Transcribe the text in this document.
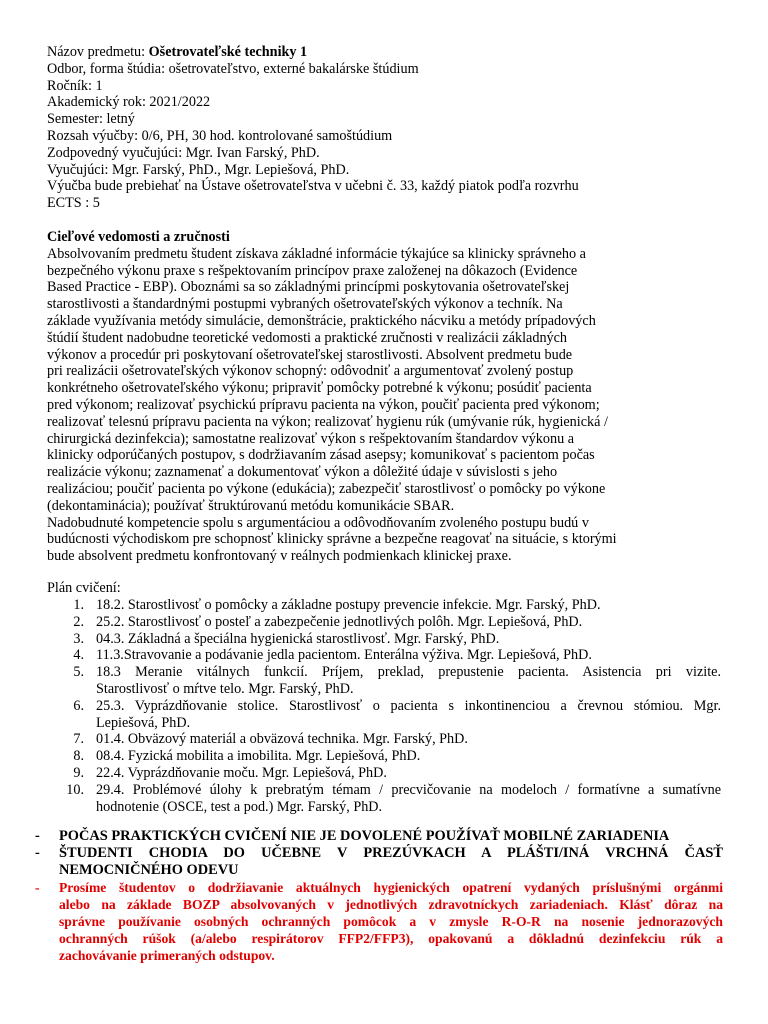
Názov predmetu: Ošetrovateľské techniky 1
Odbor, forma štúdia: ošetrovateľstvo, externé bakalárske štúdium
Ročník: 1
Akademický rok: 2021/2022
Semester: letný
Rozsah výučby: 0/6, PH, 30 hod. kontrolované samoštúdium
Zodpovedný vyučujúci: Mgr. Ivan Farský, PhD.
Vyučujúci: Mgr. Farský, PhD., Mgr. Lepiešová, PhD.
Výučba bude prebiehať na Ústave ošetrovateľstva v učebni č. 33, každý piatok podľa rozvrhu
ECTS : 5
Cieľové vedomosti a zručnosti
Absolvovaním predmetu študent získava základné informácie týkajúce sa klinicky správneho a
bezpečného výkonu praxe s rešpektovaním princípov praxe založenej na dôkazoch (Evidence
Based Practice - EBP). Oboznámi sa so základnými princípmi poskytovania ošetrovateľskej
starostlivosti a štandardnými postupmi vybraných ošetrovateľských výkonov a techník. Na
základe využívania metódy simulácie, demonštrácie, praktického nácviku a metódy prípadových
štúdií študent nadobudne teoretické vedomosti a praktické zručnosti v realizácii základných
výkonov a procedúr pri poskytovaní ošetrovateľskej starostlivosti. Absolvent predmetu bude
pri realizácii ošetrovateľských výkonov schopný: odôvodniť a argumentovať zvolený postup
konkrétneho ošetrovateľského výkonu; pripraviť pomôcky potrebné k výkonu; posúdiť pacienta
pred výkonom; realizovať psychickú prípravu pacienta na výkon, poučiť pacienta pred výkonom;
realizovať telesnú prípravu pacienta na výkon; realizovať hygienu rúk (umývanie rúk, hygienická /
chirurgická dezinfekcia); samostatne realizovať výkon s rešpektovaním štandardov výkonu a
klinicky odporúčaných postupov, s dodržiavaním zásad asepsy; komunikovať s pacientom počas
realizácie výkonu; zaznamenať a dokumentovať výkon a dôležité údaje v súvislosti s jeho
realizáciou; poučiť pacienta po výkone (edukácia); zabezpečiť starostlivosť o pomôcky po výkone
(dekontaminácia); používať štruktúrovanú metódu komunikácie SBAR.
Nadobudnuté kompetencie spolu s argumentáciou a odôvodňovaním zvoleného postupu budú v
budúcnosti východiskom pre schopnosť klinicky správne a bezpečne reagovať na situácie, s ktorými
bude absolvent predmetu konfrontovaný v reálnych podmienkach klinickej praxe.
Plán cvičení:
1. 18.2. Starostlivosť o pomôcky a základne postupy prevencie infekcie. Mgr. Farský, PhD.
2. 25.2. Starostlivosť o posteľ a zabezpečenie jednotlivých polôh. Mgr. Lepiešová, PhD.
3. 04.3. Základná a špeciálna hygienická starostlivosť. Mgr. Farský, PhD.
4. 11.3.Stravovanie a podávanie jedla pacientom. Enterálna výživa. Mgr. Lepiešová, PhD.
5. 18.3 Meranie vitálnych funkcií. Príjem, preklad, prepustenie pacienta. Asistencia pri vizite.
Starostlivosť o mŕtve telo. Mgr. Farský, PhD.
6. 25.3. Vyprázdňovanie stolice. Starostlivosť o pacienta s inkontinenciou a črevnou stómiou. Mgr.
Lepiešová, PhD.
7. 01.4. Obväzový materiál a obväzová technika. Mgr. Farský, PhD.
8. 08.4. Fyzická mobilita a imobilita. Mgr. Lepiešová, PhD.
9. 22.4. Vyprázdňovanie moču. Mgr. Lepiešová, PhD.
10. 29.4. Problémové úlohy k prebratým témam / precvičovanie na modeloch / formatívne a sumatívne
hodnotenie (OSCE, test a pod.) Mgr. Farský, PhD.
- POČAS PRAKTICKÝCH CVIČENÍ NIE JE DOVOLENÉ POUŽÍVAŤ MOBILNÉ ZARIADENIA
- ŠTUDENTI CHODIA DO UČEBNE V PREZÚVKACH A PLÁŠTI/INÁ VRCHNÁ ČASŤ
NEMOCNIČNÉHO ODEVU
- Prosíme študentov o dodržiavanie aktuálnych hygienických opatrení vydaných príslušnými orgánmi
alebo na základe BOZP absolvovaných v jednotlivých zdravotníckych zariadeniach. Klásť dôraz na
správne používanie osobných ochranných pomôcok a v zmysle R-O-R na nosenie jednorazových
ochranných rúšok (a/alebo respirátorov FFP2/FFP3), opakovanú a dôkladnú dezinfekciu rúk a
zachovávanie primeraných odstupov.
